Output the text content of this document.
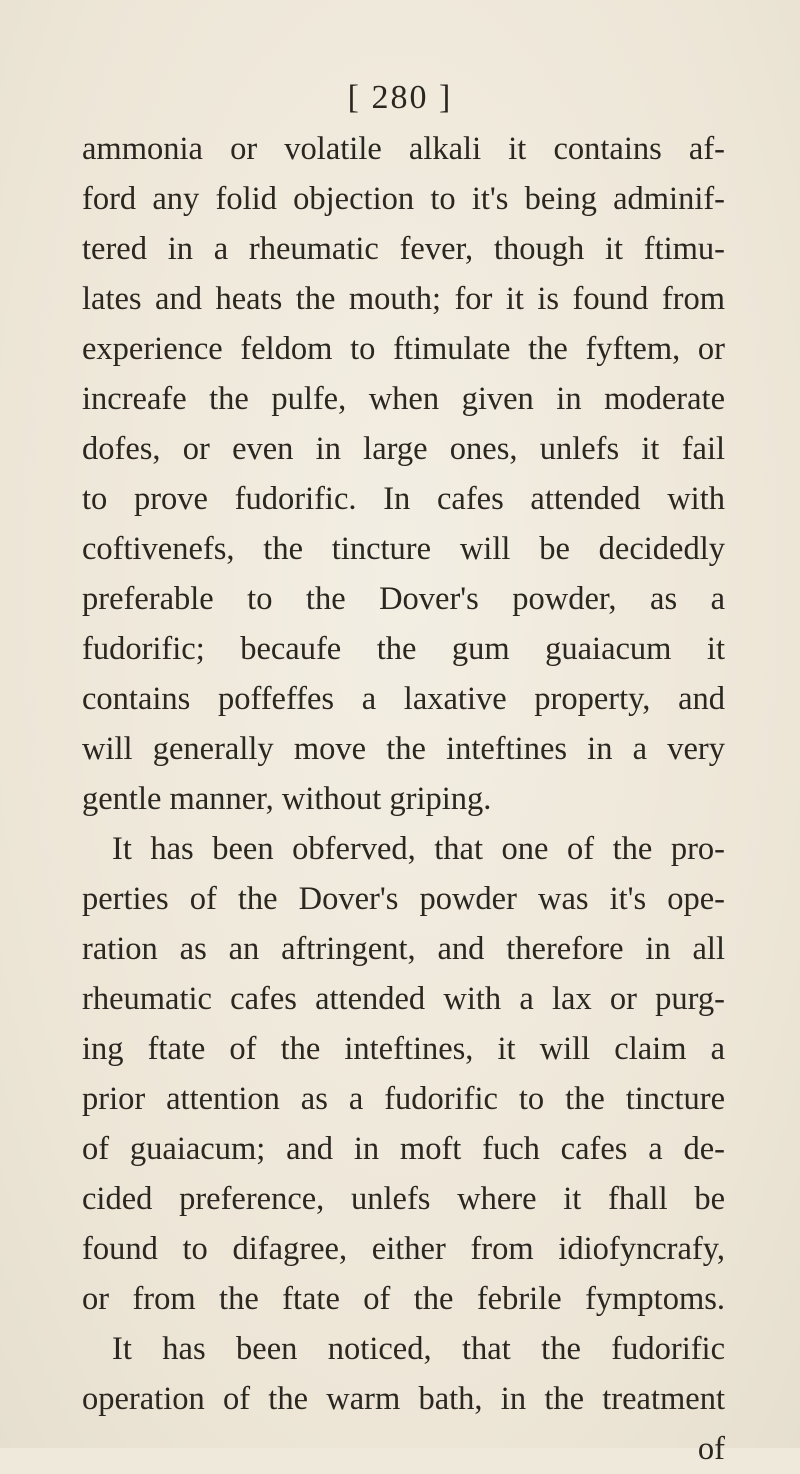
[ 280 ]

ammonia or volatile alkali it contains af-

ford any folid objection to it's being adminif-

tered in a rheumatic fever, though it ftimu-

lates and heats the mouth; for it is found from

experience feldom to ftimulate the fyftem, or

increafe the pulfe, when given in moderate

dofes, or even in large ones, unlefs it fail

to prove fudorific. In cafes attended with

coftivenefs, the tincture will be decidedly

preferable to the Dover's powder, as a

fudorific; becaufe the gum guaiacum it

contains poffeffes a laxative property, and

will generally move the inteftines in a very

gentle manner, without griping.

It has been obferved, that one of the pro-

perties of the Dover's powder was it's ope-

ration as an aftringent, and therefore in all

rheumatic cafes attended with a lax or purg-

ing ftate of the inteftines, it will claim a

prior attention as a fudorific to the tincture

of guaiacum; and in moft fuch cafes a de-

cided preference, unlefs where it fhall be

found to difagree, either from idiofyncrafy,

or from the ftate of the febrile fymptoms.

It has been noticed, that the fudorific

operation of the warm bath, in the treatment

of
